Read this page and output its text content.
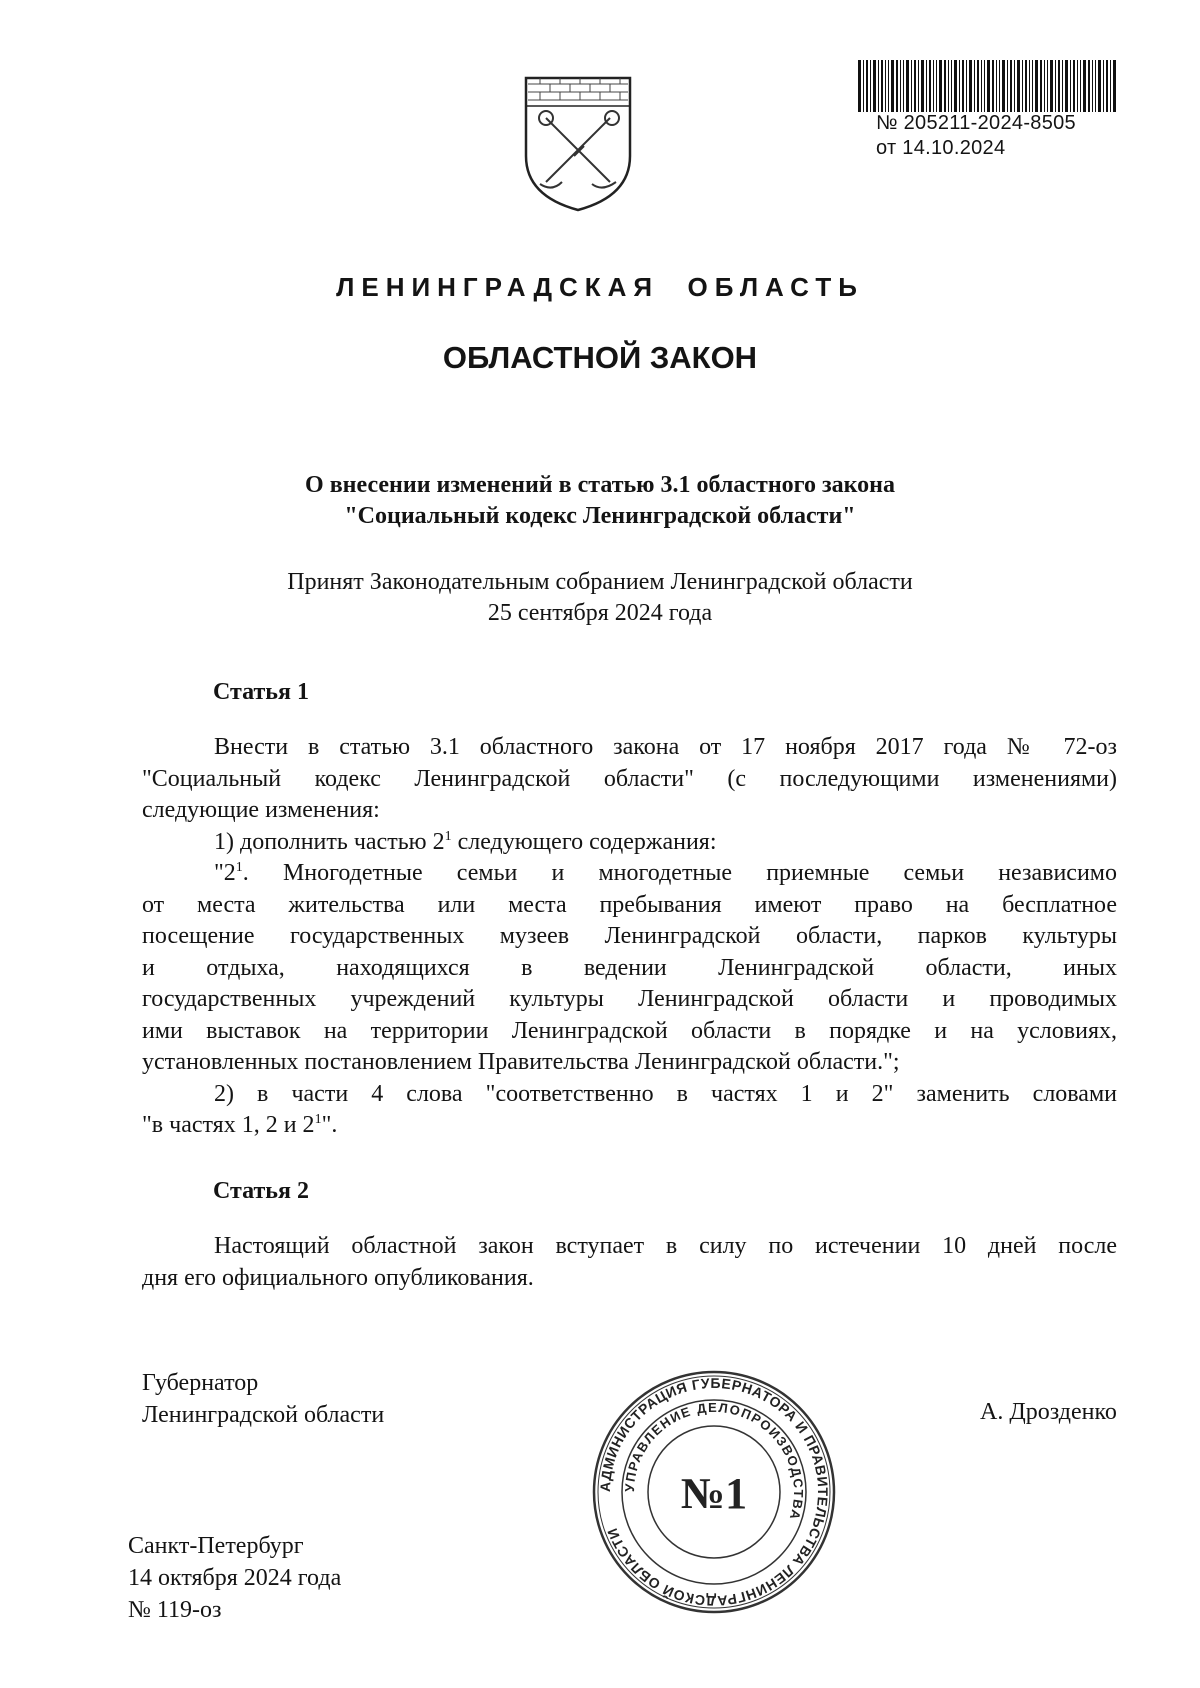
№ 205211-2024-8505
от 14.10.2024
ЛЕНИНГРАДСКАЯ  ОБЛАСТЬ
ОБЛАСТНОЙ ЗАКОН
О внесении изменений в статью 3.1 областного закона
"Социальный кодекс Ленинградской области"
Принят Законодательным собранием Ленинградской области
25 сентября 2024 года
Статья 1
Внести в статью 3.1 областного закона от 17 ноября 2017 года № 72-оз
"Социальный кодекс Ленинградской области" (с последующими изменениями)
следующие изменения:
1) дополнить частью $2^1$ следующего содержания:
"$2^1$. Многодетные семьи и многодетные приемные семьи независимо
от места жительства или места пребывания имеют право на бесплатное
посещение государственных музеев Ленинградской области, парков культуры
и отдыха, находящихся в ведении Ленинградской области, иных
государственных учреждений культуры Ленинградской области и проводимых
ими выставок на территории Ленинградской области в порядке и на условиях,
установленных постановлением Правительства Ленинградской области.";
2) в части 4 слова "соответственно в частях 1 и 2" заменить словами
"в частях 1, 2 и $2^1$".
Статья 2
Настоящий областной закон вступает в силу по истечении 10 дней после
дня его официального опубликования.
Губернатор
Ленинградской области	А. Дрозденко
АДМИНИСТРАЦИЯ ГУБЕРНАТОРА И ПРАВИТЕЛЬСТВА ЛЕНИНГРАДСКОЙ ОБЛАСТИ
УПРАВЛЕНИЕ ДЕЛОПРОИЗВОДСТВА
№1
Санкт-Петербург
14 октября 2024 года
№ 119-оз
